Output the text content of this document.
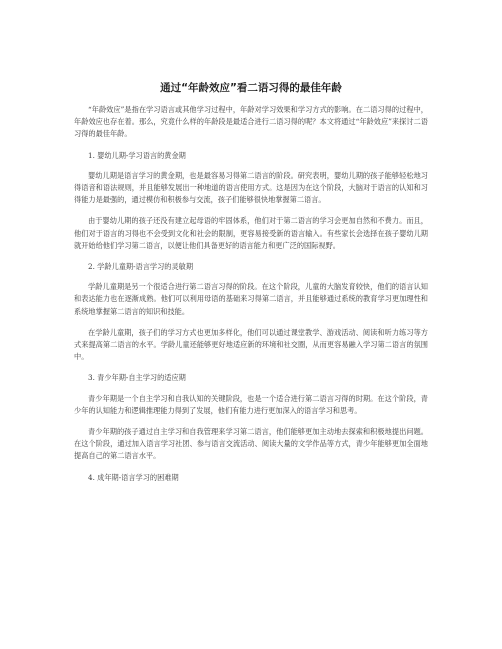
通过“年龄效应”看二语习得的最佳年龄

“年龄效应”是指在学习语言或其他学习过程中，年龄对学习效果和学习方式的影响。在二语习得的过程中，年龄效应也存在着。那么，究竟什么样的年龄段是最适合进行二语习得的呢？本文将通过“年龄效应”来探讨二语习得的最佳年龄。

1. 婴幼儿期-学习语言的黄金期

婴幼儿期是语言学习的黄金期，也是最容易习得第二语言的阶段。研究表明，婴幼儿期的孩子能够轻松地习得语音和语法规则，并且能够发展出一种地道的语言使用方式。这是因为在这个阶段，大脑对于语言的认知和习得能力是最强的，通过模仿和积极参与交流，孩子们能够很快地掌握第二语言。

由于婴幼儿期的孩子还没有建立起母语的牢固体系，他们对于第二语言的学习会更加自然和不费力。而且，他们对于语言的习得也不会受到文化和社会的限制，更容易接受新的语言输入。有些家长会选择在孩子婴幼儿期就开始给他们学习第二语言，以便让他们具备更好的语言能力和更广泛的国际视野。

2. 学龄儿童期-语言学习的灵敏期

学龄儿童期是另一个很适合进行第二语言习得的阶段。在这个阶段，儿童的大脑发育较快，他们的语言认知和表达能力也在逐渐成熟。他们可以利用母语的基础来习得第二语言，并且能够通过系统的教育学习更加理性和系统地掌握第二语言的知识和技能。

在学龄儿童期，孩子们的学习方式也更加多样化，他们可以通过课堂教学、游戏活动、阅读和听力练习等方式来提高第二语言的水平。学龄儿童还能够更好地适应新的环境和社交圈，从而更容易融入学习第二语言的氛围中。

3. 青少年期-自主学习的适应期

青少年期是一个自主学习和自我认知的关键阶段，也是一个适合进行第二语言习得的时期。在这个阶段，青少年的认知能力和逻辑推理能力得到了发展，他们有能力进行更加深入的语言学习和思考。

青少年期的孩子通过自主学习和自我管理来学习第二语言，他们能够更加主动地去探索和积极地提出问题。在这个阶段，通过加入语言学习社团、参与语言交流活动、阅读大量的文学作品等方式，青少年能够更加全面地提高自己的第二语言水平。

4. 成年期-语言学习的困难期
